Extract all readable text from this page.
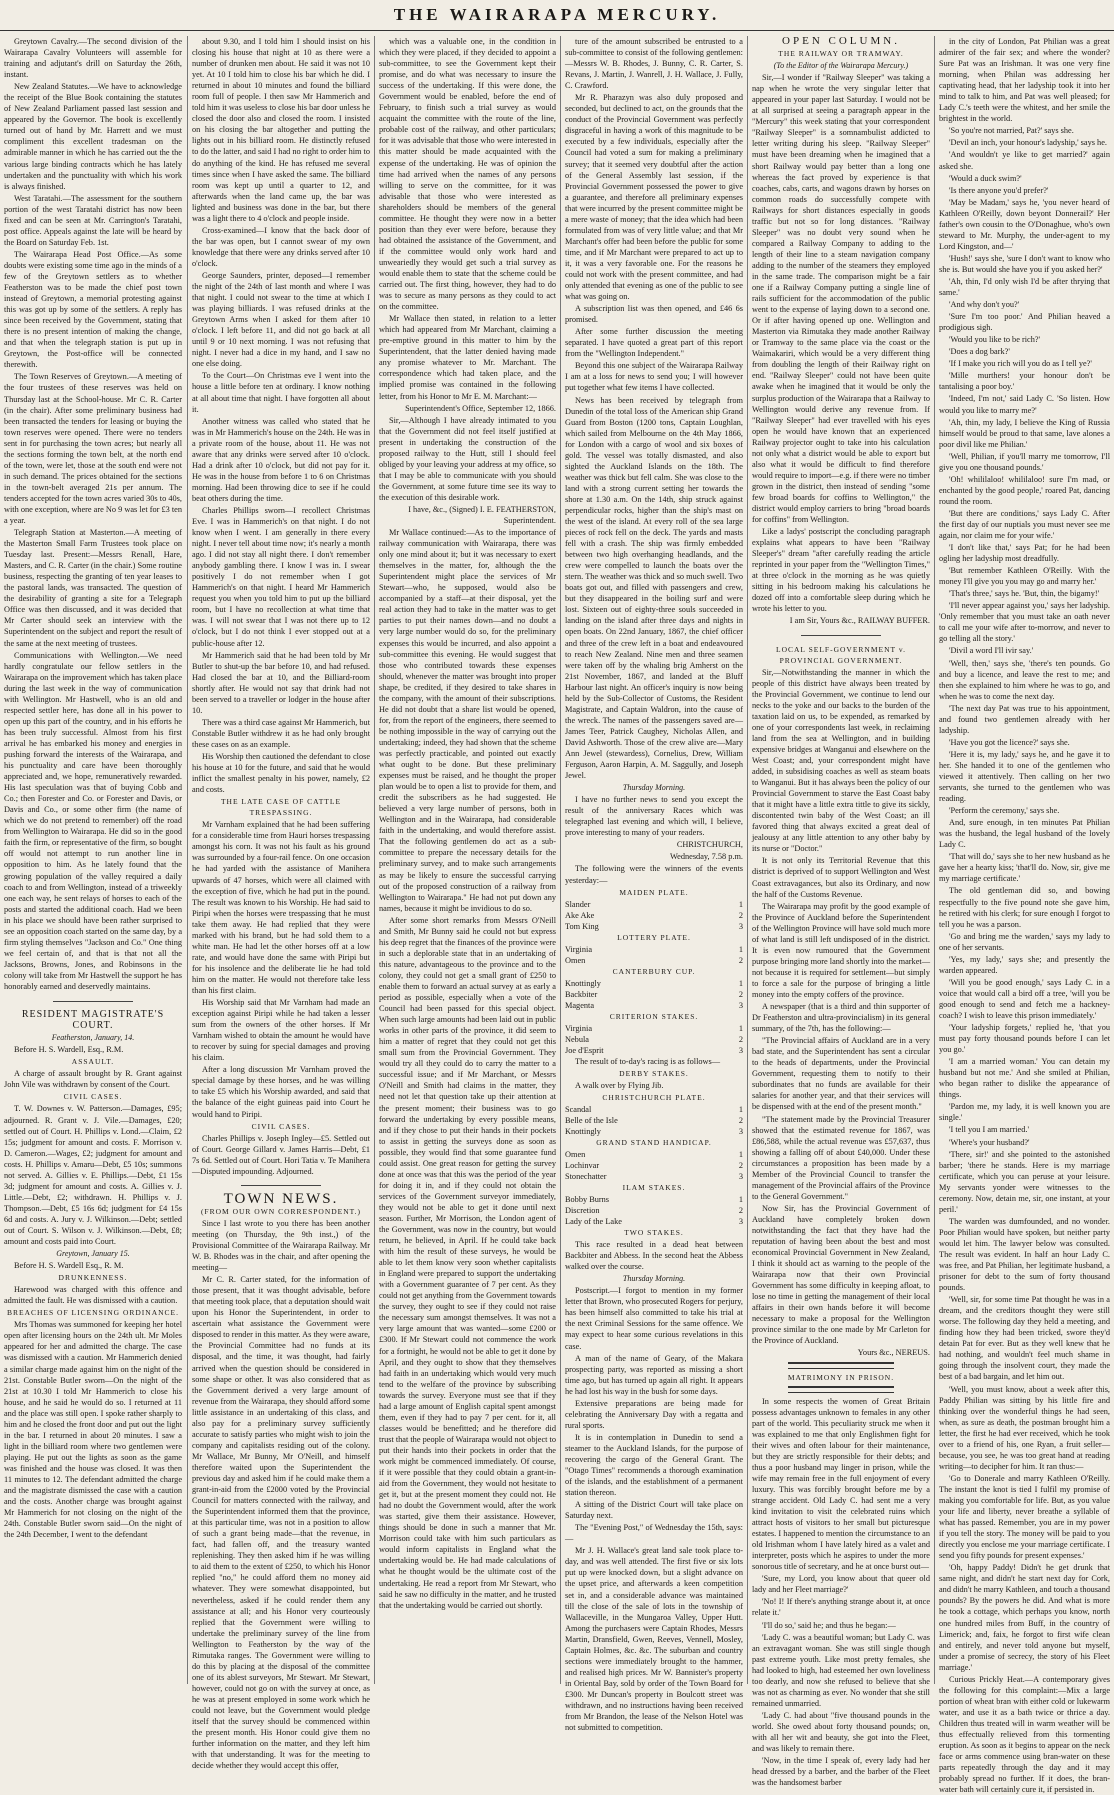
THE WAIRARAPA MERCURY.

Greytown Cavalry.—The second division of the Wairarapa Cavalry Volunteers will assemble for training and adjutant's drill on Saturday the 26th, instant.

New Zealand Statutes.—We have to acknowledge the receipt of the Blue Book containing the statutes of New Zealand Parliament passed last session and appeared by the Governor. The book is excellently turned out of hand by Mr. Harrett and we must compliment this excellent tradesman on the admirable manner in which he has carried out the the various large binding contracts which he has lately undertaken and the punctuality with which his work is always finished.

West Taratahi.—The assessment for the southern portion of the west Taratahi district has now been fixed and can be seen at Mr. Carrington's Taratahi, post office. Appeals against the late will be heard by the Board on Saturday Feb. 1st.

The Wairarapa Head Post Office.—As some doubts were existing some time ago in the minds of a few of the Greytown settlers as to whether Featherston was to be made the chief post town instead of Greytown, a memorial protesting against this was got up by some of the settlers. A reply has since been received by the Government, stating that there is no present intention of making the change, and that when the telegraph station is put up in Greytown, the Post-office will be connected therewith.

The Town Reserves of Greytown.—A meeting of the four trustees of these reserves was held on Thursday last at the School-house. Mr C. R. Carter (in the chair). After some preliminary business had been transacted the tenders for leasing or buying the town reserves were opened. There were no tenders sent in for purchasing the town acres; but nearly all the sections forming the town belt, at the north end of the town, were let, those at the south end were not in such demand. The prices obtained for the sections in the town-belt averaged 21s per annum. The tenders accepted for the town acres varied 30s to 40s, with one exception, where are No 9 was let for £3 ten a year.

Telegraph Station at Masterton.—A meeting of the Masterton Small Farm Trustees took place on Tuesday last. Present:—Messrs Renall, Hare, Masters, and C. R. Carter (in the chair.) Some routine business, respecting the granting of ten year leases to the pastoral lands, was transacted. The question of the desirability of granting a site for a Telegraph Office was then discussed, and it was decided that Mr Carter should seek an interview with the Superintendent on the subject and report the result of the same at the next meeting of trustees.

Communications with Wellington.—We need hardly congratulate our fellow settlers in the Wairarapa on the improvement which has taken place during the last week in the way of communication with Wellington. Mr Hastwell, who is an old and respected settler here, has done all in his power to open up this part of the country, and in his efforts he has been truly successful. Almost from his first arrival he has embarked his money and energies in pushing forward the interests of the Wairarapa, and his punctuality and care have been thoroughly appreciated and, we hope, remuneratively rewarded. His last speculation was that of buying Cobb and Co.; then Forester and Co. or Forester and Davis, or Davis and Co., or some other firm (the name of which we do not pretend to remember) off the road from Wellington to Wairarapa. He did so in the good faith the firm, or representative of the firm, so bought off would not attempt to run another line in opposition to him. As he lately found that the growing population of the valley required a daily coach to and from Wellington, instead of a triweekly one each way, he sent relays of horses to each of the posts and started the additional coach. Had we been in his place we should have been rather surprised to see an opposition coach started on the same day, by a firm styling themselves "Jackson and Co." One thing we feel certain of, and that is that not all the Jacksons, Browns, Jones, and Robinsons in the colony will take from Mr Hastwell the support he has honorably earned and deservedly maintains.

RESIDENT MAGISTRATE'S COURT.

Featherston, January, 14.

Before H. S. Wardell, Esq., R.M.

ASSAULT.

A charge of assault brought by R. Grant against John Vile was withdrawn by consent of the Court.

CIVIL CASES.

T. W. Downes v. W. Patterson.—Damages, £95; adjourned. R. Grant v. J. Vile.—Damages, £20; settled out of Court. H. Phillips v. Lond.—Claim, £2 15s; judgment for amount and costs. F. Morrison v. D. Cameron.—Wages, £2; judgment for amount and costs. H. Phillips v. Amaru—Debt, £5 10s; summons not served. A. Gillies v. E. Phillips.—Debt, £1 15s 3d; judgment for amount and costs. A. Gillies v. J. Little.—Debt, £2; withdrawn. H. Phillips v. J. Thompson.—Debt, £5 16s 6d; judgment for £4 15s 6d and costs. A. Jury v. J. Wilkinson.—Debt; settled out of Court. S. Wilson v. J. Wilkinson.—Debt, £8; amount and costs paid into Court.

Greytown, January 15.

Before H. S. Wardell Esq., R. M.

DRUNKENNESS.

Harewood was charged with this offence and admitted the fault. He was dismissed with a caution.

BREACHES OF LICENSING ORDINANCE.

Mrs Thomas was summoned for keeping her hotel open after licensing hours on the 24th ult. Mr Moles appeared for her and admitted the charge. The case was dismissed with a caution. Mr Hammerich denied a similar charge made against him on the night of the 21st. Constable Butler sworn—On the night of the 21st at 10.30 I told Mr Hammerich to close his house, and he said he would do so. I returned at 11 and the place was still open. I spoke rather sharply to him and he closed the front door and put out the light in the bar. I returned in about 20 minutes. I saw a light in the billiard room where two gentlemen were playing. He put out the lights as soon as the game was finished and the house was closed. It was then 11 minutes to 12. The defendant admitted the charge and the magistrate dismissed the case with a caution and the costs. Another charge was brought against Mr Hammerich for not closing on the night of the 24th. Constable Butler sworn said—On the night of the 24th December, I went to the defendant

about 9.30, and I told him I should insist on his closing his house that night at 10 as there were a number of drunken men about. He said it was not 10 yet. At 10 I told him to close his bar which he did. I returned in about 10 minutes and found the billiard room full of people. I then saw Mr Hammerich and told him it was useless to close his bar door unless he closed the door also and closed the room. I insisted on his closing the bar altogether and putting the lights out in his billiard room. He distinctly refused to do the latter, and said I had no right to order him to do anything of the kind. He has refused me several times since when I have asked the same. The billiard room was kept up until a quarter to 12, and afterwards when the land came up, the bar was lighted and business was done in the bar, but there was a light there to 4 o'clock and people inside.

Cross-examined—I know that the back door of the bar was open, but I cannot swear of my own knowledge that there were any drinks served after 10 o'clock.

George Saunders, printer, deposed—I remember the night of the 24th of last month and where I was that night. I could not swear to the time at which I was playing billiards. I was refused drinks at the Greytown Arms when I asked for them after 10 o'clock. I left before 11, and did not go back at all until 9 or 10 next morning. I was not refusing that night. I never had a dice in my hand, and I saw no one else doing.

To the Court—On Christmas eve I went into the house a little before ten at ordinary. I know nothing at all about time that night. I have forgotten all about it.

Another witness was called who stated that he was in Mr Hammerich's house on the 24th. He was in a private room of the house, about 11. He was not aware that any drinks were served after 10 o'clock. Had a drink after 10 o'clock, but did not pay for it. He was in the house from before 1 to 6 on Christmas morning. Had been throwing dice to see if he could beat others during the time.

Charles Phillips sworn—I recollect Christmas Eve. I was in Hammerich's on that night. I do not know when I went. I am generally in there every night. I never tell about time now; it's nearly a month ago. I did not stay all night there. I don't remember anybody gambling there. I know I was in. I swear positively I do not remember when I got Hammerich's on that night. I heard Mr Hammerich request you when you told him to put up the billiard room, but I have no recollection at what time that was. I will not swear that I was not there up to 12 o'clock, but I do not think I ever stopped out at a public-house after 12.

Mr Hammerich said that he had been told by Mr Butler to shut-up the bar before 10, and had refused. Had closed the bar at 10, and the Billiard-room shortly after. He would not say that drink had not been served to a traveller or lodger in the house after 10.

There was a third case against Mr Hammerich, but Constable Butler withdrew it as he had only brought these cases on as an example.

His Worship then cautioned the defendant to close his house at 10 for the future, and said that he would inflict the smallest penalty in his power, namely, £2 and costs.

THE LATE CASE OF CATTLE TRESPASSING.

Mr Varnham explained that he had been suffering for a considerable time from Hauri horses trespassing amongst his corn. It was not his fault as his ground was surrounded by a four-rail fence. On one occasion he had yarded with the assistance of Manihera upwards of 47 horses, which were all claimed with the exception of five, which he had put in the pound. The result was known to his Worship. He had said to Piripi when the horses were trespassing that he must take them away. He had replied that they were marked with his brand, but he had sold them to a white man. He had let the other horses off at a low rate, and would have done the same with Piripi but for his insolence and the deliberate lie he had told him on the matter. He would not therefore take less than his first claim.

His Worship said that Mr Varnham had made an exception against Piripi while he had taken a lesser sum from the owners of the other horses. If Mr Varnham wished to obtain the amount he would have to recover by suing for special damages and proving his claim.

After a long discussion Mr Varnham proved the special damage by these horses, and he was willing to take £5 which his Worship awarded, and said that the balance of the eight guineas paid into Court he would hand to Piripi.

CIVIL CASES.

Charles Phillips v. Joseph Ingley—£5. Settled out of Court. George Gillard v. James Harris—Debt, £1 7s 6d. Settled out of Court. Hori Tatia v. Te Manihera—Disputed impounding. Adjourned.

TOWN NEWS.

(FROM OUR OWN CORRESPONDENT.)

Since I last wrote to you there has been another meeting (on Thursday, the 9th inst.,) of the Provisional Committee of the Wairarapa Railway. Mr W. B. Rhodes was in the chair, and after opening the meeting—

Mr C. R. Carter stated, for the information of those present, that it was thought advisable, before that meeting took place, that a deputation should wait upon his Honor the Superintendent, in order to ascertain what assistance the Government were disposed to render in this matter. As they were aware, the Provincial Committee had no funds at its disposal, and the time, it was thought, had fairly arrived when the question should be considered in some shape or other. It was also considered that as the Government derived a very large amount of revenue from the Wairarapa, they should afford some little assistance in an undertaking of this class, and also pay for a preliminary survey sufficiently accurate to satisfy parties who might wish to join the company and capitalists residing out of the colony. Mr Wallace, Mr Bunny, Mr O'Neill, and himself therefore waited upon the Superintendent the previous day and asked him if he could make them a grant-in-aid from the £2000 voted by the Provincial Council for matters connected with the railway, and the Superintendent informed them that the province, at this particular time, was not in a position to allow of such a grant being made—that the revenue, in fact, had fallen off, and the treasury wanted replenishing. They then asked him if he was willing to aid them to the extent of £250, to which his Honor replied "no," he could afford them no money aid whatever. They were somewhat disappointed, but nevertheless, asked if he could render them any assistance at all; and his Honor very courteously replied that the Government were willing to undertake the preliminary survey of the line from Wellington to Featherston by the way of the Rimutaka ranges. The Government were willing to do this by placing at the disposal of the committee one of its ablest surveyors, Mr Stewart. Mr Stewart, however, could not go on with the survey at once, as he was at present employed in some work which he could not leave, but the Government would pledge itself that the survey should be commenced within the present month. His Honor could give them no further information on the matter, and they left him with that understanding. It was for the meeting to decide whether they would accept this offer,

which was a valuable one, in the condition in which they were placed, if they decided to appoint a sub-committee, to see the Government kept their promise, and do what was necessary to insure the success of the undertaking. If this were done, the Government would be enabled, before the end of February, to finish such a trial survey as would acquaint the committee with the route of the line, probable cost of the railway, and other particulars; for it was advisable that those who were interested in this matter should be made acquainted with the expense of the undertaking. He was of opinion the time had arrived when the names of any persons willing to serve on the committee, for it was advisable that those who were interested as shareholders should be members of the general committee. He thought they were now in a better position than they ever were before, because they had obtained the assistance of the Government, and if the committee would only work hard and unweariedly they would get such a trial survey as would enable them to state that the scheme could be carried out. The first thing, however, they had to do was to secure as many persons as they could to act on the committee.

Mr Wallace then stated, in relation to a letter which had appeared from Mr Marchant, claiming a pre-emptive ground in this matter to him by the Superintendent, that the latter denied having made any promise whatever to Mr. Marchant. The correspondence which had taken place, and the implied promise was contained in the following letter, from his Honor to Mr E. M. Marchant:—

Superintendent's Office, September 12, 1866.

Sir,—Although I have already intimated to you that the Government did not feel itself justified at present in undertaking the construction of the proposed railway to the Hutt, still I should feel obliged by your leaving your address at my office, so that I may be able to communicate with you should the Government, at some future time see its way to the execution of this desirable work.

I have, &c., (Signed) I. E. FEATHERSTON, Superintendent.

Mr Wallace continued:—As to the importance of railway communication with Wairarapa, there was only one mind about it; but it was necessary to exert themselves in the matter, for, although the the Superintendent might place the services of Mr Stewart—who, he supposed, would also be accompanied by a staff—at their disposal, yet the real action they had to take in the matter was to get parties to put their names down—and no doubt a very large number would do so, for the preliminary expenses this would be incurred, and also appoint a sub-committee this evening. He would suggest that those who contributed towards these expenses should, whenever the matter was brought into proper shape, be credited, if they desired to take shares in the company, with the amount of their subscriptions. He did not doubt that a share list would be opened, for, from the report of the engineers, there seemed to be nothing impossible in the way of carrying out the undertaking; indeed, they had shown that the scheme was perfectly practicable, and pointed out exactly what ought to be done. But these preliminary expenses must be raised, and he thought the proper plan would be to open a list to provide for them, and credit the subscribers as he had suggested. He believed a very large number of persons, both in Wellington and in the Wairarapa, had considerable faith in the undertaking, and would therefore assist. That the following gentlemen do act as a sub-committee to prepare the necessary details for the preliminary survey, and to make such arrangements as may be likely to ensure the successful carrying out of the proposed construction of a railway from Wellington to Wairarapa." He had not put down any names, because it might be invidious to do so.

After some short remarks from Messrs O'Neill and Smith, Mr Bunny said he could not but express his deep regret that the finances of the province were in such a deplorable state that in an undertaking of this nature, advantageous to the province and to the colony, they could not get a small grant of £250 to enable them to forward an actual survey at as early a period as possible, especially when a vote of the Council had been passed for this special object. When such large amounts had been laid out in public works in other parts of the province, it did seem to him a matter of regret that they could not get this small sum from the Provincial Government. They would try all they could do to carry the matter to a successful issue; and if Mr Marchant, or Messrs O'Neill and Smith had claims in the matter, they need not let that question take up their attention at the present moment; their business was to go forward the undertaking by every possible means, and if they chose to put their hands in their pockets to assist in getting the surveys done as soon as possible, they would find that some guarantee fund could assist. One great reason for getting the survey done at once was that this was the period of the year for doing it in, and if they could not obtain the services of the Government surveyor immediately, they would not be able to get it done until next season. Further, Mr Morrison, the London agent of the Government, was now in the country, but would return, he believed, in April. If he could take back with him the result of these surveys, he would be able to let them know very soon whether capitalists in England were prepared to support the undertaking with a Government guarantee of 7 per cent. As they could not get anything from the Government towards the survey, they ought to see if they could not raise the necessary sum amongst themselves. It was not a very large amount that was wanted—some £200 or £300. If Mr Stewart could not commence the work for a fortnight, he would not be able to get it done by April, and they ought to show that they themselves had faith in an undertaking which would very much tend to the welfare of the province by subscribing towards the survey. Everyone must see that if they had a large amount of English capital spent amongst them, even if they had to pay 7 per cent. for it, all classes would be benefitted; and he therefore did trust that the people of Wairarapa would not object to put their hands into their pockets in order that the work might be commenced immediately. Of course, if it were possible that they could obtain a grant-in-aid from the Government, they would not hesitate to get it, but at the present moment they could not. He had no doubt the Government would, after the work was started, give them their assistance. However, things should be done in such a manner that Mr. Morrison could take with him such particulars as would inform capitalists in England what the undertaking would be. He had made calculations of what he thought would be the ultimate cost of the undertaking. He read a report from Mr Stewart, who said he saw no difficulty in the matter, and he trusted that the undertaking would be carried out shortly.

ture of the amount subscribed be entrusted to a sub-committee to consist of the following gentlemen:—Messrs W. B. Rhodes, J. Bunny, C. R. Carter, S. Revans, J. Martin, J. Wanrell, J. H. Wallace, J. Fully, C. Crawford.

Mr R. Pharazyn was also duly proposed and seconded, but declined to act, on the grounds that the conduct of the Provincial Government was perfectly disgraceful in having a work of this magnitude to be executed by a few individuals, especially after the Council had voted a sum for making a preliminary survey; that it seemed very doubtful after the action of the General Assembly last session, if the Provincial Government possessed the power to give a guarantee, and therefore all preliminary expenses that were incurred by the present committee might be a mere waste of money; that the idea which had been formulated from was of very little value; and that Mr Marchant's offer had been before the public for some time, and if Mr Marchant were prepared to act up to it, it was a very favorable one. For the reasons he could not work with the present committee, and had only attended that evening as one of the public to see what was going on.

A subscription list was then opened, and £46 6s promised.

After some further discussion the meeting separated. I have quoted a great part of this report from the "Wellington Independent."

Beyond this one subject of the Wairarapa Railway I am at a loss for news to send you; I will however put together what few items I have collected.

News has been received by telegraph from Dunedin of the total loss of the American ship Grand Guard from Boston (1200 tons, Captain Loughlan, which sailed from Melbourne on the 4th May 1866, for London with a cargo of wool and six boxes of gold. The vessel was totally dismasted, and also sighted the Auckland Islands on the 18th. The weather was thick but fell calm. She was close to the land with a strong current setting her towards the shore at 1.30 a.m. On the 14th, ship struck against perpendicular rocks, higher than the ship's mast on the west of the island. At every roll of the sea large pieces of rock fell on the deck. The yards and masts fell with a crash. The ship was firmly embedded between two high overhanging headlands, and the crew were compelled to launch the boats over the stern. The weather was thick and so much swell. Two boats got out, and filled with passengers and crew, but they disappeared in the boiling surf and were lost. Sixteen out of eighty-three souls succeeded in landing on the island after three days and nights in open boats. On 22nd January, 1867, the chief officer and three of the crew left in a boat and endeavoured to reach New Zealand. Nine men and three seamen were taken off by the whaling brig Amherst on the 21st November, 1867, and landed at the Bluff Harbour last night. An officer's inquiry is now being held by the Sub-Collector of Customs, the Resident Magistrate, and Captain Waldron, into the cause of the wreck. The names of the passengers saved are—James Teer, Patrick Caughey, Nicholas Allen, and David Ashworth. Those of the crew alive are—Mary Ann Jewel (stewardess), Cornelius, Drew, William Ferguson, Aaron Harpin, A. M. Saggully, and Joseph Jewel.

Thursday Morning.

I have no further news to send you except the result of the anniversary Races which was telegraphed last evening and which will, I believe, prove interesting to many of your readers.

CHRISTCHURCH,

Wednesday, 7.58 p.m.

The following were the winners of the events yesterday:—

MAIDEN PLATE.

Slander	1
Ake Ake	2
Tom King	3

LOTTERY PLATE.

Virginia	1
Omen	2

CANTERBURY CUP.

Knottingly	1
Backbiter	2
Magenta	3

CRITERION STAKES.

Virginia	1
Nebula	2
Joe d'Esprit	3

The result of to-day's racing is as follows—

DERBY STAKES.

A walk over by Flying Jib.

CHRISTCHURCH PLATE.

Scandal	1
Belle of the Isle	2
Knottingly	3

GRAND STAND HANDICAP.

Omen	1
Lochinvar	2
Stonechatter	3

ILAM STAKES.

Bobby Burns	1
Discretion	2
Lady of the Lake	3

TWO STAKES.

This race resulted in a dead heat between Backbiter and Abbess. In the second heat the Abbess walked over the course.

Thursday Morning.

Postscript.—I forgot to mention in my former letter that Brown, who prosecuted Rogers for perjury, has been himself also committed to take his trial at the next Criminal Sessions for the same offence. We may expect to hear some curious revelations in this case.

A man of the name of Geary, of the Makara prospecting party, was reported as missing a short time ago, but has turned up again all right. It appears he had lost his way in the bush for some days.

Extensive preparations are being made for celebrating the Anniversary Day with a regatta and rural sports.

It is in contemplation in Dunedin to send a steamer to the Auckland Islands, for the purpose of recovering the cargo of the General Grant. The "Otago Times" recommends a thorough examination of the islands, and the establishment of a permanent station thereon.

A sitting of the District Court will take place on Saturday next.

The "Evening Post," of Wednesday the 15th, says:—

Mr J. H. Wallace's great land sale took place to-day, and was well attended. The first five or six lots put up were knocked down, but a slight advance on the upset price, and afterwards a keen competition set in, and a considerable advance was maintained till the close of the sale of lots in the township of Wallaceville, in the Mungaroa Valley, Upper Hutt. Among the purchasers were Captain Rhodes, Messrs Martin, Dransfield, Gwen, Reeves, Vennell, Mosley, Captain Holmes, &c. &c. The suburban and country sections were immediately brought to the hammer, and realised high prices. Mr W. Bannister's property in Oriental Bay, sold by order of the Town Board for £300. Mr Duncan's property in Boulcott street was withdrawn, and no instructions having been received from Mr Brandon, the lease of the Nelson Hotel was not submitted to competition.

OPEN COLUMN.

THE RAILWAY OR TRAMWAY.

(To the Editor of the Wairarapa Mercury.)

Sir,—I wonder if "Railway Sleeper" was taking a nap when he wrote the very singular letter that appeared in your paper last Saturday. I would not be at all surprised at seeing a paragraph appear in the "Mercury" this week stating that your correspondent "Railway Sleeper" is a somnambulist addicted to letter writing during his sleep. "Railway Sleeper" must have been dreaming when he imagined that a short Railway would pay better than a long one whereas the fact proved by experience is that coaches, cabs, carts, and wagons drawn by horses on common roads do successfully compete with Railways for short distances especially in goods traffic but not so for long distances. "Railway Sleeper" was no doubt very sound when he compared a Railway Company to adding to the length of their line to a steam navigation company adding to the number of the steamers they employed in the same trade. The comparison might be a fair one if a Railway Company putting a single line of rails sufficient for the accommodation of the public went to the expense of laying down to a second one. Or if after having opened up one. Wellington and Masterton via Rimutaka they made another Railway or Tramway to the same place via the coast or the Waimakariri, which would be a very different thing from doubling the length of their Railway right on end. "Railway Sleeper" could not have been quite awake when he imagined that it would be only the surplus production of the Wairarapa that a Railway to Wellington would derive any revenue from. If "Railway Sleeper" had ever travelled with his eyes open he would have known that an experienced Railway projector ought to take into his calculation not only what a district would be able to export but also what it would be difficult to find therefore would require to import—e.g. if there were no timber grown in the district, then instead of sending "some few broad boards for coffins to Wellington," the district would employ carriers to bring "broad boards for coffins" from Wellington.

Like a ladys' postscript the concluding paragraph explains what appears to have been "Railway Sleeper's" dream "after carefully reading the article reprinted in your paper from the "Wellington Times," at three o'clock in the morning as he was quietly sitting in his bedroom making his calculations he dozed off into a comfortable sleep during which he wrote his letter to you.

I am Sir, Yours &c., RAILWAY BUFFER.

LOCAL SELF-GOVERNMENT v. PROVINCIAL GOVERNMENT.

Sir,—Notwithstanding the manner in which the people of this district have always been treated by the Provincial Government, we continue to lend our necks to the yoke and our backs to the burden of the taxation laid on us, to be expended, as remarked by one of your correspondents last week, in reclaiming land from the sea at Wellington, and in building expensive bridges at Wanganui and elsewhere on the West Coast; and, your correspondent might have added, in subsidising coaches as well as steam boats to Wanganui. But it has always been the policy of our Provincial Government to starve the East Coast baby that it might have a little extra tittle to give its sickly, discontented twin baby of the West Coast; an ill favored thing that always excited a great deal of jealousy at any little attention to any other baby by its nurse or "Doctor."

It is not only its Territorial Revenue that this district is deprived of to support Wellington and West Coast extravagances, but also its Ordinary, and now the half of the Customs Revenue.

The Wairarapa may profit by the good example of the Province of Auckland before the Superintendent of the Wellington Province will have sold much more of what land is still left undisposed of in the district. It is even now rumoured that the Government purpose bringing more land shortly into the market—not because it is required for settlement—but simply to force a sale for the purpose of bringing a little money into the empty coffers of the province.

A newspaper (that is a third and thin supporter of Dr Featherston and ultra-provincialism) in its general summary, of the 7th, has the following:—

"The Provincial affairs of Auckland are in a very bad state, and the Superintendent has sent a circular to the heads of departments, under the Provincial Government, requesting them to notify to their subordinates that no funds are available for their salaries for another year, and that their services will be dispensed with at the end of the present month."

"The statement made by the Provincial Treasurer showed that the estimated revenue for 1867, was £86,588, while the actual revenue was £57,637, thus showing a falling off of about £40,000. Under these circumstances a proposition has been made by a Member of the Provincial Council to transfer the management of the Provincial affairs of the Province to the General Government."

Now Sir, has the Provincial Government of Auckland have completely broken down notwithstanding the fact that they have had the reputation of having been about the best and most economical Provincial Government in New Zealand, I think it should act as warning to the people of the Wairarapa now that their own Provincial Government has some difficulty in keeping afloat, to lose no time in getting the management of their local affairs in their own hands before it will become necessary to make a proposal for the Wellington province similar to the one made by Mr Carleton for the Province of Auckland.

Yours &c., NEREUS.

MATRIMONY IN PRISON.

In some respects the women of Great Britain possess advantages unknown to females in any other part of the world. This peculiarity struck me when it was explained to me that only Englishmen fight for their wives and often labour for their maintenance, but they are strictly responsible for their debts; and thus a poor husband may linger in prison, while the wife may remain free in the full enjoyment of every luxury. This was forcibly brought before me by a strange accident. Old Lady C. had sent me a very kind invitation to visit the celebrated ruins which attract hosts of visitors to her small but picturesque estates. I happened to mention the circumstance to an old Irishman whom I have lately hired as a valet and interpreter, posts which he aspires to under the more sonorous title of secretary, and he at once burst out—

'Sure, my Lord, you know about that queer old lady and her Fleet marriage?'

'No! I! If there's anything strange about it, at once relate it.'

'I'll do so,' said he; and thus he began:—

'Lady C. was a beautiful woman; but Lady C. was an extravagant woman. She was still single though past extreme youth. Like most pretty females, she had looked to high, had esteemed her own loveliness too dearly, and now she refused to believe that she was not as charming as ever. No wonder that she still remained unmarried.

'Lady C. had about "five thousand pounds in the world. She owed about forty thousand pounds; on, with all her wit and beauty, she got into the Fleet, and was likely to remain there.

'Now, in the time I speak of, every lady had her head dressed by a barber, and the barber of the Fleet was the handsomest barber

in the city of London, Pat Philian was a great admirer of the fair sex; and where the wonder? Sure Pat was an Irishman. It was one very fine morning, when Philan was addressing her captivating head, that her ladyship took it into her mind to talk to him, and Pat was well pleased; for Lady C.'s teeth were the whitest, and her smile the brightest in the world.

'So you're not married, Pat?' says she.

'Devil an inch, your honour's ladyship,' says he.

'And wouldn't ye like to get married?' again asked she.

'Would a duck swim?'

'Is there anyone you'd prefer?'

'May be Madam,' says he, 'you never heard of Kathleen O'Reilly, down beyont Donnerail?' Her father's own cousin to the O'Donaghue, who's own steward to Mr. Murphy, the under-agent to my Lord Kingston, and—'

'Hush!' says she, 'sure I don't want to know who she is. But would she have you if you asked her?'

'Ah, thin, I'd only wish I'd be after thrying that same.'

'And why don't you?'

'Sure I'm too poor.' And Philian heaved a prodigious sigh.

'Would you like to be rich?'

'Does a dog bark?'

'If I make you rich will you do as I tell ye?'

'Mille murthers! your honour don't be tantalising a poor boy.'

'Indeed, I'm not,' said Lady C. 'So listen. How would you like to marry me?'

'Ah, thin, my lady, I believe the King of Russia himself would be proud to that same, lave alones a poor divil like me Philian.'

'Well, Philian, if you'll marry me tomorrow, I'll give you one thousand pounds.'

'Oh! whililaloo! whililaloo! sure I'm mad, or enchanted by the good people,' roared Pat, dancing round the room.

'But there are conditions,' says Lady C. After the first day of our nuptials you must never see me again, nor claim me for your wife.'

'I don't like that,' says Pat; for he had been ogling her ladyship most dreadfully.

'But remember Kathleen O'Reilly. With the money I'll give you you may go and marry her.'

'That's three,' says he. 'But, thin, the bigamy!'

'I'll never appear against you,' says her ladyship. 'Only remember that you must take an oath never to call me your wife after to-morrow, and never to go telling all the story.'

'Divil a word I'll ivir say.'

'Well, then,' says she, 'there's ten pounds. Go and buy a licence, and leave the rest to me; and then she explained to him where he was to go, and when he was to come the next day.

'The next day Pat was true to his appointment, and found two gentlemen already with her ladyship.

'Have you got the licence?' says she.

'Here it is, my lady,' says he, and he gave it to her. She handed it to one of the gentlemen who viewed it attentively. Then calling on her two servants, she turned to the gentlemen who was reading.

'Perform the ceremony,' says she.

And, sure enough, in ten minutes Pat Philian was the husband, the legal husband of the lovely Lady C.

'That will do,' says she to her new husband as he gave her a hearty kiss; 'that'll do. Now, sir, give me my marriage certificate.'

The old gentleman did so, and bowing respectfully to the five pound note she gave him, he retired with his clerk; for sure enough I forgot to tell you he was a parson.

'Go and bring me the warden,' says my lady to one of her servants.

'Yes, my lady,' says she; and presently the warden appeared.

'Will you be good enough,' says Lady C. in a voice that would call a bird off a tree, 'will you be good enough to send and fetch me a hackney-coach? I wish to leave this prison immediately.'

'Your ladyship forgets,' replied he, 'that you must pay forty thousand pounds before I can let you go.'

'I am a married woman.' You can detain my husband but not me.' And she smiled at Philian, who began rather to dislike the appearance of things.

'Pardon me, my lady, it is well known you are single.'

'I tell you I am married.'

'Where's your husband?'

'There, sir!' and she pointed to the astonished barber; 'there he stands. Here is my marriage certificate, which you can peruse at your leisure. My servants yonder were witnesses to the ceremony. Now, detain me, sir, one instant, at your peril.'

The warden was dumfounded, and no wonder. Poor Philian would have spoken, but neither party would let him. The lawyer below was consulted. The result was evident. In half an hour Lady C. was free, and Pat Philian, her legitimate husband, a prisoner for debt to the sum of forty thousand pounds.

'Well, sir, for some time Pat thought he was in a dream, and the creditors thought they were still worse. The following day they held a meeting, and finding how they had been tricked, swore they'd detain Pat for ever. But as they well knew that he had nothing, and wouldn't feel much shame in going through the insolvent court, they made the best of a bad bargain, and let him out.

'Well, you must know, about a week after this, Paddy Philian was sitting by his little fire and thinking over the wonderful things he had seen, when, as sure as death, the postman brought him a letter, the first he had ever received, which he took over to a friend of his, one Ryan, a fruit seller—because, you see, he was too great hand at reading writing—to decipher for him. It ran thus:—

'Go to Donerale and marry Kathleen O'Reilly. The instant the knot is tied I fulfil my promise of making you comfortable for life. But, as you value your life and liberty, never breathe a syllable of what has passed. Remember, you are in my power if you tell the story. The money will be paid to you directly you enclose me your marriage certificate. I send you fifty pounds for present expenses.'

'Oh, happy Paddy! Didn't he get drunk that same night, and didn't he start next day for Cork, and didn't he marry Kathleen, and touch a thousand pounds? By the powers he did. And what is more he took a cottage, which perhaps you know, north one hundred miles from Buff, in the country of Limerick; and, faix, he forgot to first wife clean and entirely, and never told anyone but myself, under a promise of secrecy, the story of his Fleet marriage.'

Curious Prickly Heat.—A contemporary gives the following for this complaint:—Mix a large portion of wheat bran with either cold or lukewarm water, and use it as a bath twice or thrice a day. Children thus treated will in warm weather will be thus effectually relieved from this tormenting eruption. As soon as it begins to appear on the neck face or arms commence using bran-water on these parts repeatedly through the day and it may probably spread no further. If it does, the bran-water bath will certainly cure it, if persisted in.
